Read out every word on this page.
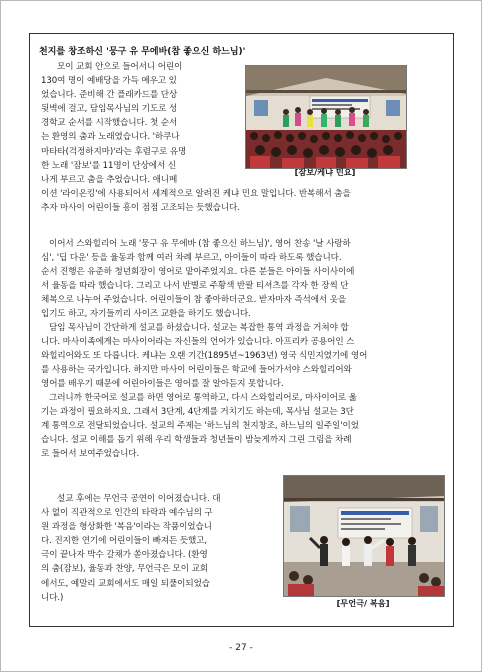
천지를 창조하신 '뭉구 유 무에바(참 좋으신 하느님)'
모이 교회 안으로 들어서니 어린이
130여 명이 예배당을 가득 메우고 있
었습니다. 준비해 간 플래카드를 단상
뒷벽에 걸고, 담임목사님의 기도로 성
경학교 순서를 시작했습니다. 첫 순서
는 환영의 춤과 노래였습니다. '하쿠나
마타타(걱정하지마)'라는 후렴구로 유명
한 노래 '잠보'를 11명이 단상에서 신
나게 부르고 춤을 추었습니다. 애니메
[잠보/케냐 민요]
이션 '라이온킹'에 사용되어서 세계적으로 알려진 케냐 민요 말입니다. 반복해서 춤을
추자 마사이 어린이들 흥이 점점 고조되는 듯했습니다.
이어서 스와힐리어 노래 '뭉구 유 무에바 (참 좋으신 하느님)', 영어 찬송 '날 사랑하
심', '딥 다운' 등을 율동과 함께 여러 차례 부르고, 아이들이 따라 하도록 했습니다.
순서 진행은 유준하 청년회장이 영어로 맡아주었지요. 다른 분들은 아이들 사이사이에
서 율동을 따라 했습니다. 그리고 나서 반별로 주황색 반팔 티셔츠를 각자 한 장씩 단
체복으로 나누어 주었습니다. 어린이들이 참 좋아하더군요. 받자마자 즉석에서 옷을
입기도 하고, 자기들끼리 사이즈 교환을 하기도 했습니다.
담임 목사님이 간단하게 설교를 하셨습니다. 설교는 복잡한 통역 과정을 거쳐야 합
니다. 마사이족에게는 마사이어라는 자신들의 언어가 있습니다. 아프리카 공용어인 스
와힐리어와도 또 다릅니다. 케냐는 오랜 기간(1895년~1963년) 영국 식민지였기에 영어
를 사용하는 국가입니다. 하지만 마사이 어린이들은 학교에 들어가서야 스와힐리어와
영어를 배우기 때문에 어린아이들은 영어를 잘 알아듣지 못합니다.
그러니까 한국어로 설교를 하면 영어로 통역하고, 다시 스와힐리어로, 마사이어로 옮
기는 과정이 필요하지요. 그래서 3단계, 4단계를 거치기도 하는데, 목사님 설교는 3단
계 통역으로 전달되었습니다. 설교의 주제는 '하느님의 천지창조, 하느님의 일주일'이었
습니다. 설교 이해를 돕기 위해 우리 학생들과 청년들이 밤늦게까지 그린 그림을 차례
로 들어서 보여주었습니다.
설교 후에는 무언극 공연이 이어졌습니다. 대
사 없이 직관적으로 인간의 타락과 예수님의 구
원 과정을 형상화한 '복음'이라는 작품이었습니
다. 진지한 연기에 어린이들이 빠져든 듯했고,
극이 끝나자 박수 갈채가 쏟아졌습니다. (환영
의 춤(잠보), 율동과 찬양, 무언극은 모이 교회
에서도, 예말리 교회에서도 매일 되풀이되었습
니다.)
[무언극/ 복음]
- 27 -
